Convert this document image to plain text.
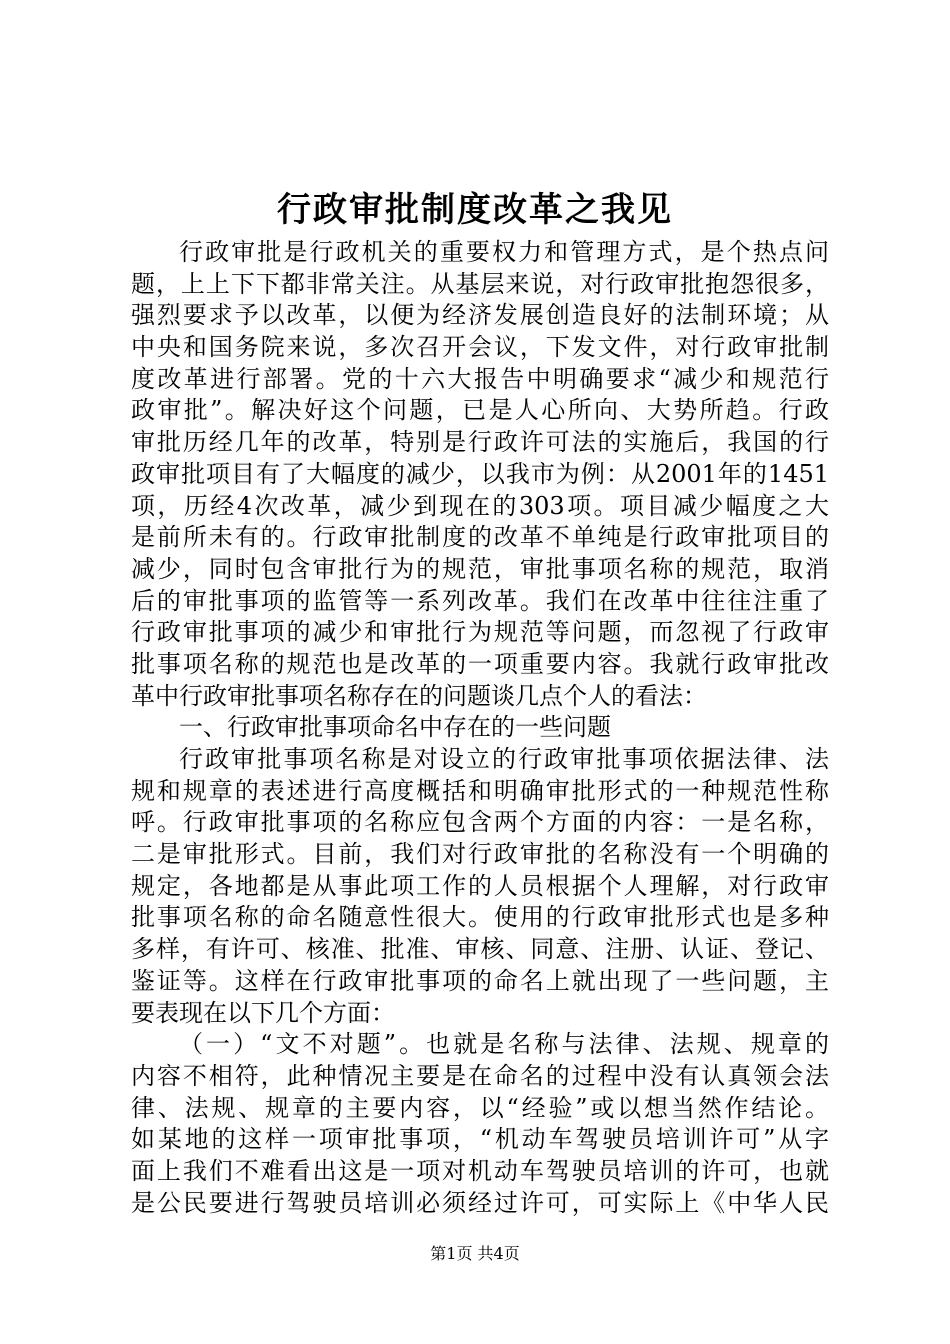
行政审批制度改革之我见
行政审批是行政机关的重要权力和管理方式，是个热点问
题，上上下下都非常关注。从基层来说，对行政审批抱怨很多，
强烈要求予以改革，以便为经济发展创造良好的法制环境；从
中央和国务院来说，多次召开会议，下发文件，对行政审批制
度改革进行部署。党的十六大报告中明确要求“减少和规范行
政审批”。解决好这个问题，已是人心所向、大势所趋。行政
审批历经几年的改革，特别是行政许可法的实施后，我国的行
政审批项目有了大幅度的减少，以我市为例：从2001年的1451
项，历经4次改革，减少到现在的303项。项目减少幅度之大
是前所未有的。行政审批制度的改革不单纯是行政审批项目的
减少，同时包含审批行为的规范，审批事项名称的规范，取消
后的审批事项的监管等一系列改革。我们在改革中往往注重了
行政审批事项的减少和审批行为规范等问题，而忽视了行政审
批事项名称的规范也是改革的一项重要内容。我就行政审批改
革中行政审批事项名称存在的问题谈几点个人的看法：
一、行政审批事项命名中存在的一些问题
行政审批事项名称是对设立的行政审批事项依据法律、法
规和规章的表述进行高度概括和明确审批形式的一种规范性称
呼。行政审批事项的名称应包含两个方面的内容：一是名称，
二是审批形式。目前，我们对行政审批的名称没有一个明确的
规定，各地都是从事此项工作的人员根据个人理解，对行政审
批事项名称的命名随意性很大。使用的行政审批形式也是多种
多样，有许可、核准、批准、审核、同意、注册、认证、登记、
鉴证等。这样在行政审批事项的命名上就出现了一些问题，主
要表现在以下几个方面：
（一）“文不对题”。也就是名称与法律、法规、规章的
内容不相符，此种情况主要是在命名的过程中没有认真领会法
律、法规、规章的主要内容，以“经验”或以想当然作结论。
如某地的这样一项审批事项，“机动车驾驶员培训许可”从字
面上我们不难看出这是一项对机动车驾驶员培训的许可，也就
是公民要进行驾驶员培训必须经过许可，可实际上《中华人民
第1页 共4页
